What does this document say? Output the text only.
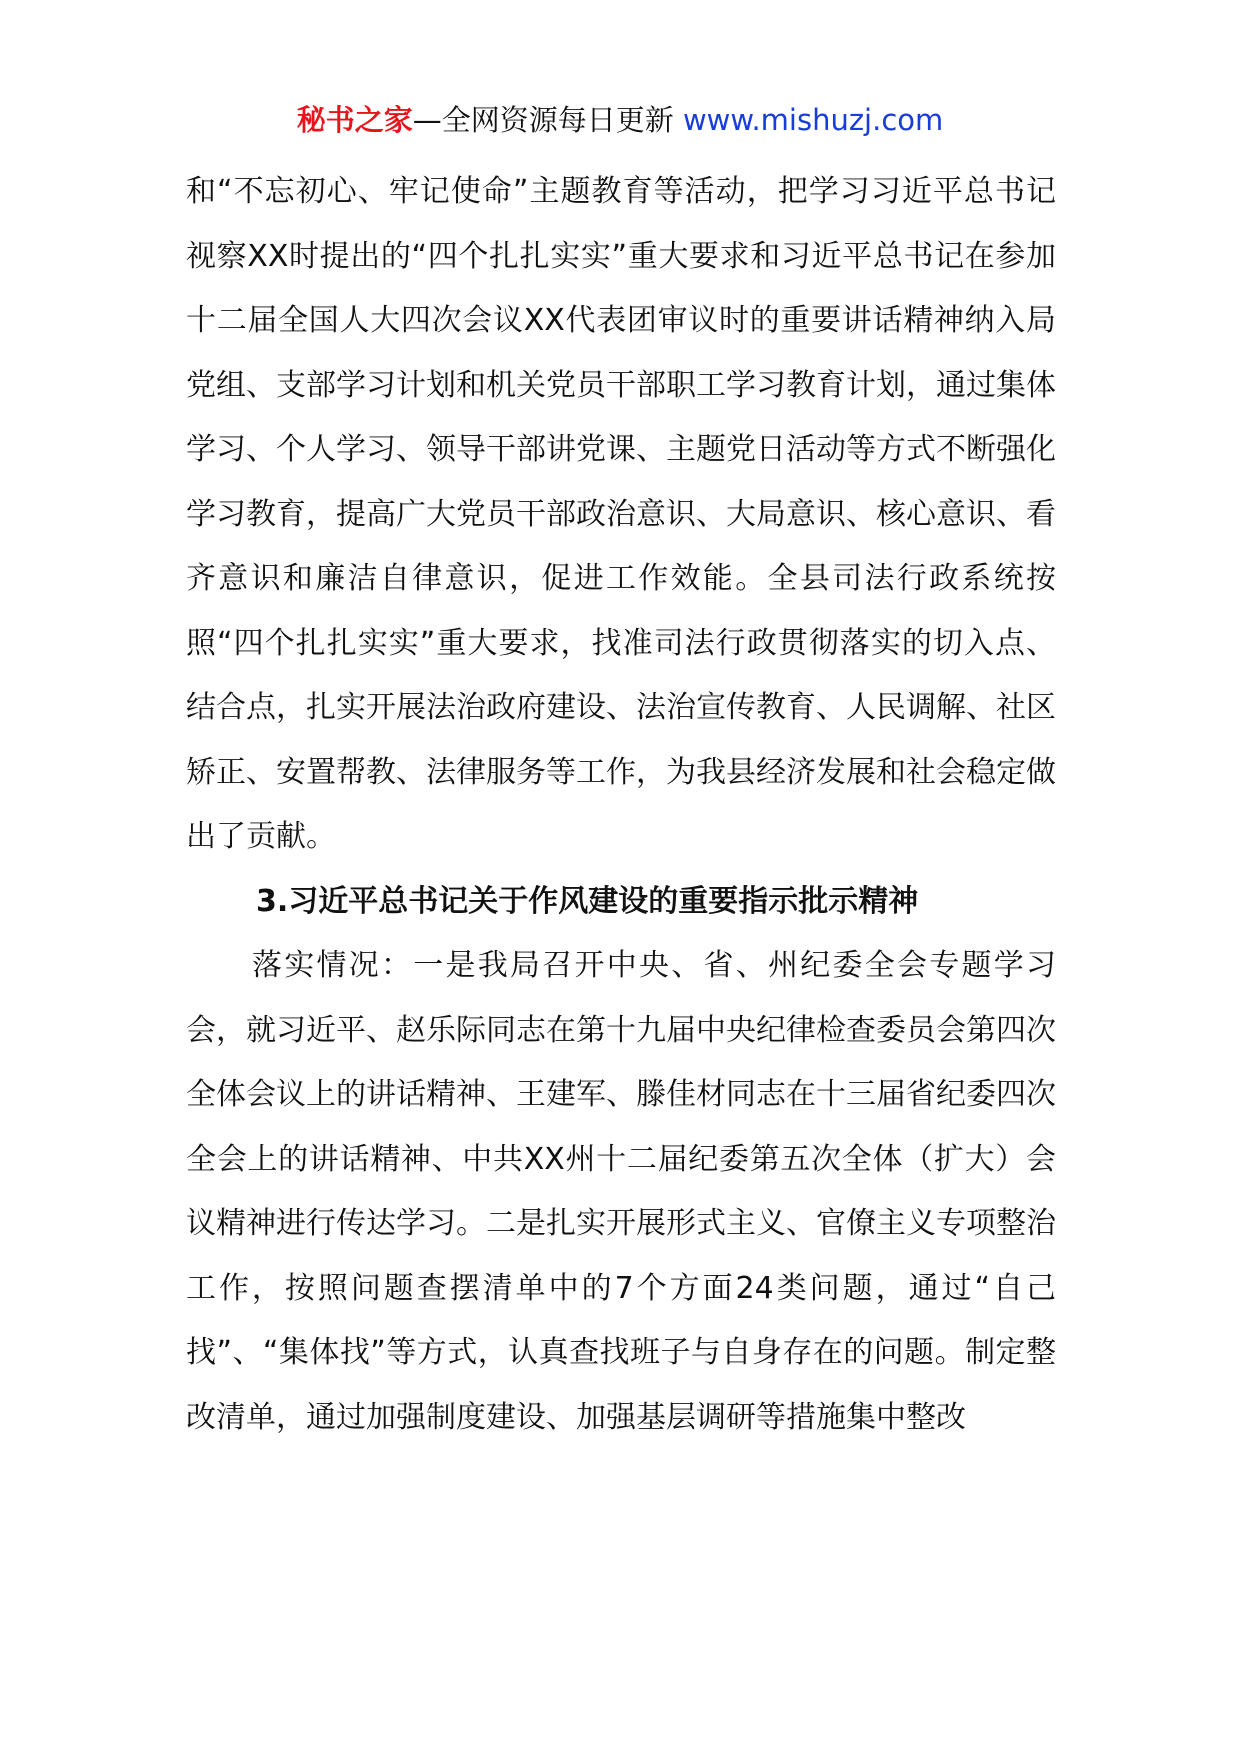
秘书之家—全网资源每日更新 www.mishuzj.com

和“不忘初心、牢记使命”主题教育等活动，把学习习近平总书记视察XX时提出的“四个扎扎实实”重大要求和习近平总书记在参加十二届全国人大四次会议XX代表团审议时的重要讲话精神纳入局党组、支部学习计划和机关党员干部职工学习教育计划，通过集体学习、个人学习、领导干部讲党课、主题党日活动等方式不断强化学习教育，提高广大党员干部政治意识、大局意识、核心意识、看齐意识和廉洁自律意识，促进工作效能。全县司法行政系统按照“四个扎扎实实”重大要求，找准司法行政贯彻落实的切入点、结合点，扎实开展法治政府建设、法治宣传教育、人民调解、社区矫正、安置帮教、法律服务等工作，为我县经济发展和社会稳定做出了贡献。

3.习近平总书记关于作风建设的重要指示批示精神

落实情况：一是我局召开中央、省、州纪委全会专题学习会，就习近平、赵乐际同志在第十九届中央纪律检查委员会第四次全体会议上的讲话精神、王建军、滕佳材同志在十三届省纪委四次全会上的讲话精神、中共XX州十二届纪委第五次全体（扩大）会议精神进行传达学习。二是扎实开展形式主义、官僚主义专项整治工作，按照问题查摆清单中的7个方面24类问题，通过“自己找”、“集体找”等方式，认真查找班子与自身存在的问题。制定整改清单，通过加强制度建设、加强基层调研等措施集中整改
